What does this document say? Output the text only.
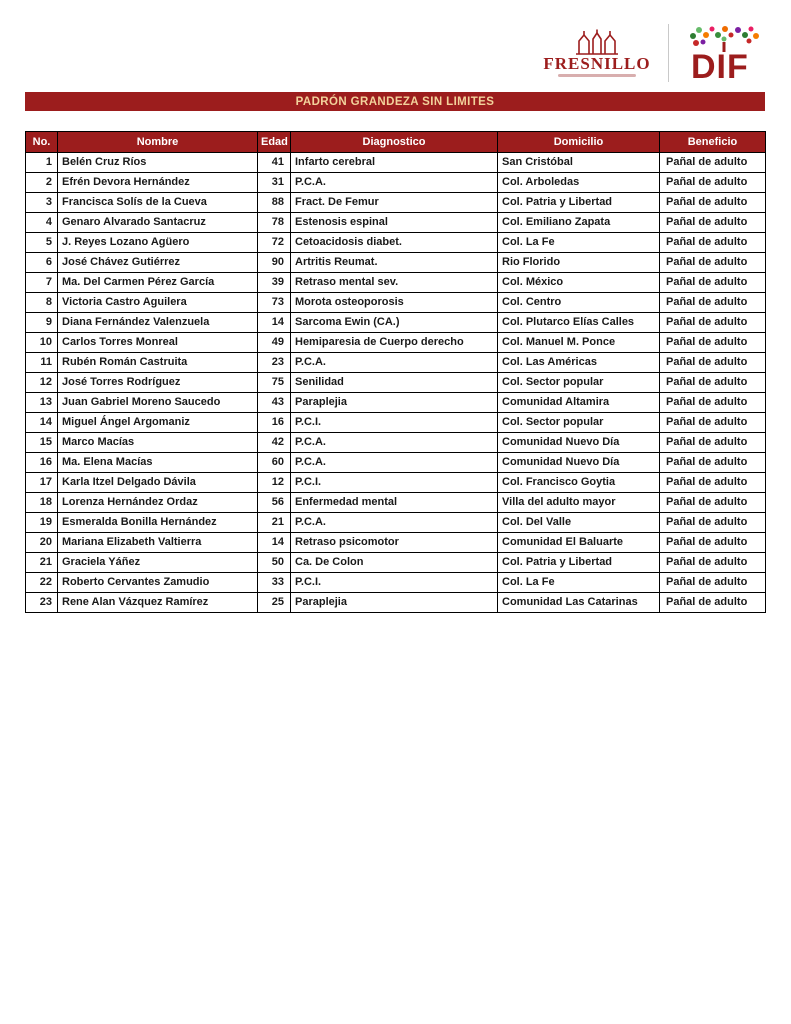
FRESNILLO DIF
PADRÓN GRANDEZA SIN LIMITES
No.	Nombre	Edad	Diagnostico	Domicilio	Beneficio
1	Belén Cruz Ríos	41	Infarto cerebral	San Cristóbal	Pañal de adulto
2	Efrén Devora Hernández	31	P.C.A.	Col. Arboledas	Pañal de adulto
3	Francisca Solís de la Cueva	88	Fract. De Femur	Col. Patria y Libertad	Pañal de adulto
4	Genaro Alvarado Santacruz	78	Estenosis espinal	Col. Emiliano Zapata	Pañal de adulto
5	J. Reyes Lozano Agüero	72	Cetoacidosis diabet.	Col. La Fe	Pañal de adulto
6	José Chávez Gutiérrez	90	Artritis Reumat.	Rio Florido	Pañal de adulto
7	Ma. Del Carmen Pérez García	39	Retraso mental sev.	Col. México	Pañal de adulto
8	Victoria Castro Aguilera	73	Morota osteoporosis	Col. Centro	Pañal de adulto
9	Diana Fernández Valenzuela	14	Sarcoma Ewin (CA.)	Col. Plutarco Elías Calles	Pañal de adulto
10	Carlos Torres Monreal	49	Hemiparesia de Cuerpo derecho	Col. Manuel M. Ponce	Pañal de adulto
11	Rubén Román Castruita	23	P.C.A.	Col. Las Américas	Pañal de adulto
12	José Torres Rodríguez	75	Senilidad	Col. Sector popular	Pañal de adulto
13	Juan Gabriel Moreno Saucedo	43	Paraplejia	Comunidad Altamira	Pañal de adulto
14	Miguel Ángel Argomaniz	16	P.C.I.	Col. Sector popular	Pañal de adulto
15	Marco Macías	42	P.C.A.	Comunidad Nuevo Día	Pañal de adulto
16	Ma. Elena Macías	60	P.C.A.	Comunidad Nuevo Día	Pañal de adulto
17	Karla Itzel Delgado Dávila	12	P.C.I.	Col. Francisco Goytia	Pañal de adulto
18	Lorenza Hernández Ordaz	56	Enfermedad mental	Villa del adulto mayor	Pañal de adulto
19	Esmeralda Bonilla Hernández	21	P.C.A.	Col. Del Valle	Pañal de adulto
20	Mariana Elizabeth Valtierra	14	Retraso psicomotor	Comunidad El Baluarte	Pañal de adulto
21	Graciela Yáñez	50	Ca. De Colon	Col. Patria y Libertad	Pañal de adulto
22	Roberto Cervantes Zamudio	33	P.C.I.	Col. La Fe	Pañal de adulto
23	Rene Alan Vázquez Ramírez	25	Paraplejia	Comunidad Las Catarinas	Pañal de adulto
